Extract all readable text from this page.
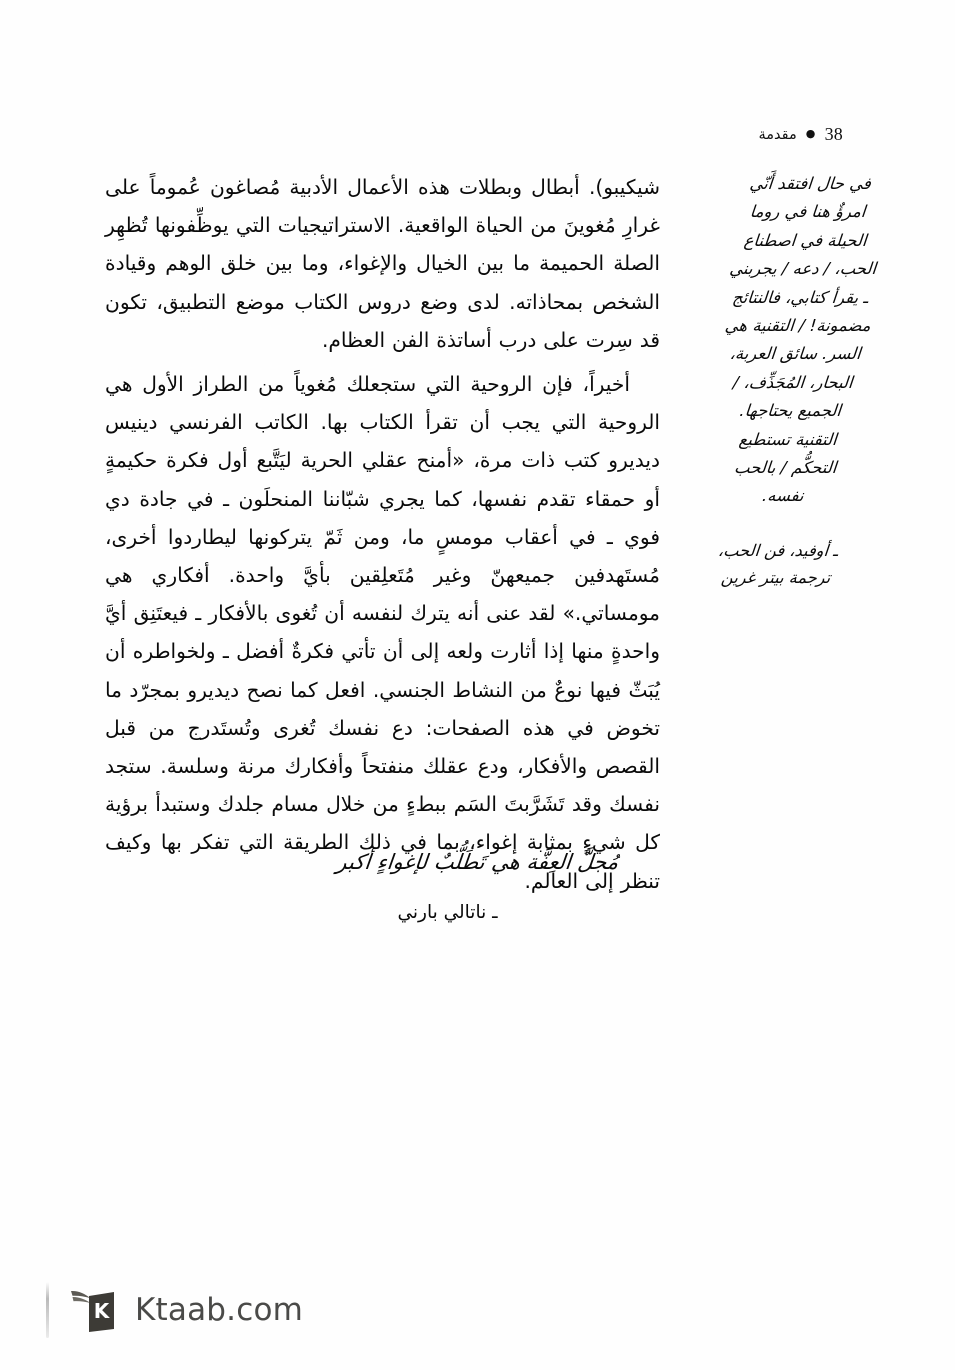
38
●
مقدمة

شيكيبو). أبطال وبطلات هذه الأعمال الأدبية مُصاغون عُموماً على غرارِ مُغوينَ من الحياة الواقعية. الاستراتيجيات التي يوظِّفونها تُظهِر الصلة الحميمة ما بين الخيال والإغواء، وما بين خلق الوهم وقيادة الشخص بمحاذاته. لدى وضع دروس الكتاب موضع التطبيق، تكون قد سِرت على درب أساتذة الفن العظام.

أخيراً، فإن الروحية التي ستجعلك مُغوياً من الطراز الأول هي الروحية التي يجب أن تقرأ الكتاب بها. الكاتب الفرنسي دينيس ديديرو كتب ذات مرة، «أمنح عقلي الحرية ليَتَّبع أول فكرة حكيمةٍ أو حمقاء تقدم نفسها، كما يجري شبّاننا المنحلَون ـ في جادة دي فوي ـ في أعقاب مومسٍ ما، ومن ثَمّ يتركونها ليطاردوا أخرى، مُستَهدفين جميعهنّ وغير مُتَعلِقين بأيَّ واحدة. أفكاري هي مومساتي.» لقد عنى أنه يترك لنفسه أن تُغوى بالأفكار ـ فيعتَنِق أيَّ واحدةٍ منها إذا أثارت ولعه إلى أن تأتي فكرةٌ أفضل ـ ولخواطره أن يُبَثّ فيها نوعٌ من النشاط الجنسي. افعل كما نصح ديديرو بمجرّد ما تخوض في هذه الصفحات: دع نفسك تُغرى وتُستَدرج من قبل القصص والأفكار، ودع عقلك منفتحاً وأفكارك مرنة وسلسة. ستجد نفسك وقد تَشَرَّبتَ السَم ببطءٍ من خلال مسام جلدك وستبدأ برؤية كل شيءٍ بمثابة إغواء، بما في ذلك الطريقة التي تفكر بها وكيف تنظر إلى العالم.

مُجلَّ العِفَّة هي تَطَلُّبٌ لإغواءٍ أكبر
ـ ناتالي بارني
في حال افتقد أَنّي امرؤٌ هنا في روما الحيلة في اصطناع الحب، / دعه / يجربني ـ يقرأ كتابي، فالنتائج مضمونة! / التقنية هي السر. سائق العربة، البحار، المُجَذِّف، / الجميع يحتاجها. التقنية تستطيع التحكُّم / بالحب نفسه.
ـ أوفيد، فن الحب، ترجمة بيتر غرين
K Ktaab.com
